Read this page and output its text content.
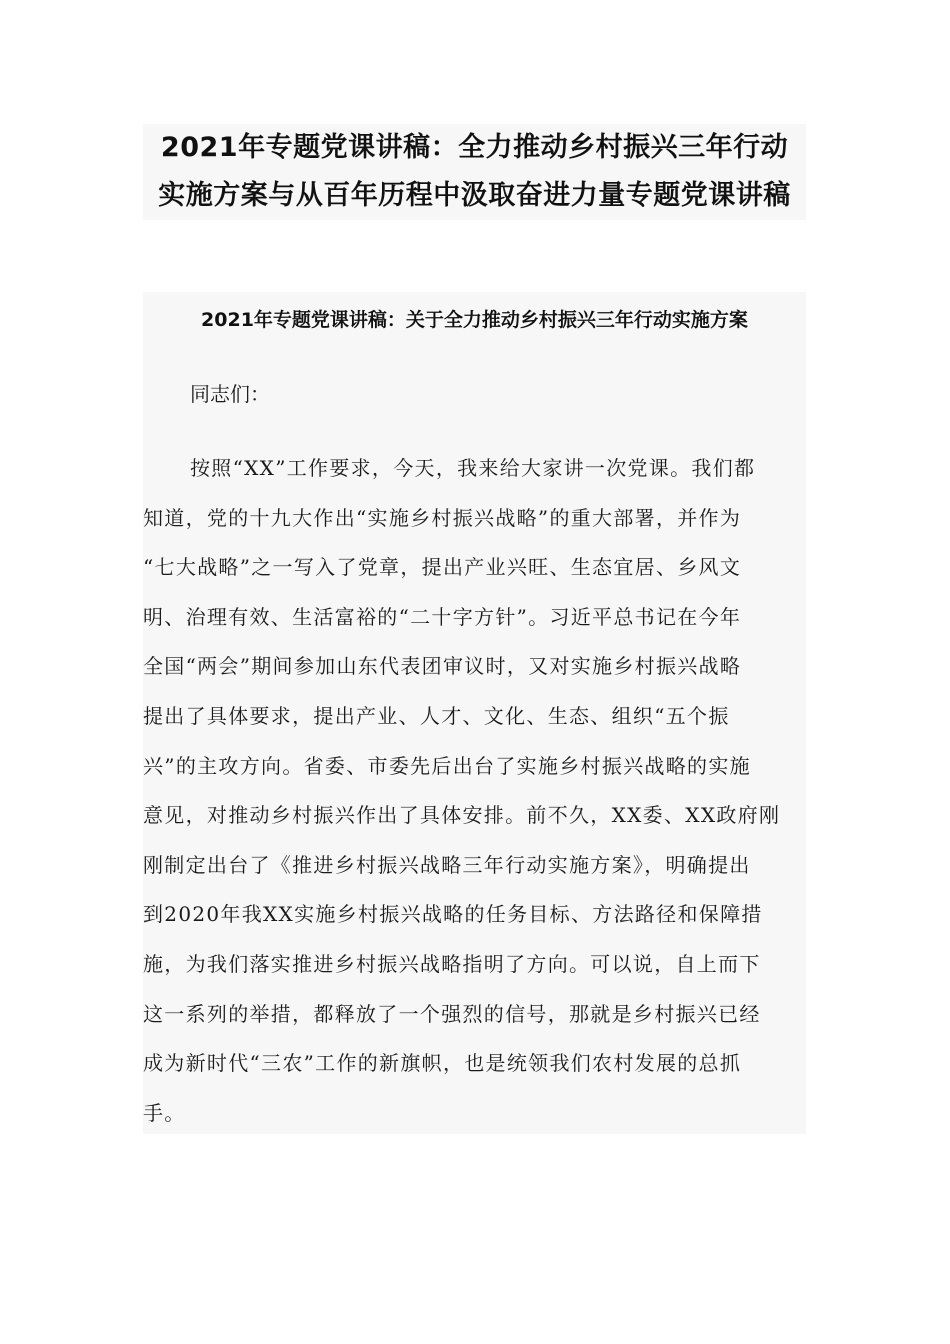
2021年专题党课讲稿：全力推动乡村振兴三年行动
实施方案与从百年历程中汲取奋进力量专题党课讲稿
2021年专题党课讲稿：关于全力推动乡村振兴三年行动实施方案

同志们：

按照“XX”工作要求，今天，我来给大家讲一次党课。我们都
知道，党的十九大作出“实施乡村振兴战略”的重大部署，并作为
“七大战略”之一写入了党章，提出产业兴旺、生态宜居、乡风文
明、治理有效、生活富裕的“二十字方针”。习近平总书记在今年
全国“两会”期间参加山东代表团审议时，又对实施乡村振兴战略
提出了具体要求，提出产业、人才、文化、生态、组织“五个振
兴”的主攻方向。省委、市委先后出台了实施乡村振兴战略的实施
意见，对推动乡村振兴作出了具体安排。前不久，XX委、XX政府刚
刚制定出台了《推进乡村振兴战略三年行动实施方案》，明确提出
到2020年我XX实施乡村振兴战略的任务目标、方法路径和保障措
施，为我们落实推进乡村振兴战略指明了方向。可以说，自上而下
这一系列的举措，都释放了一个强烈的信号，那就是乡村振兴已经
成为新时代“三农”工作的新旗帜，也是统领我们农村发展的总抓
手。
